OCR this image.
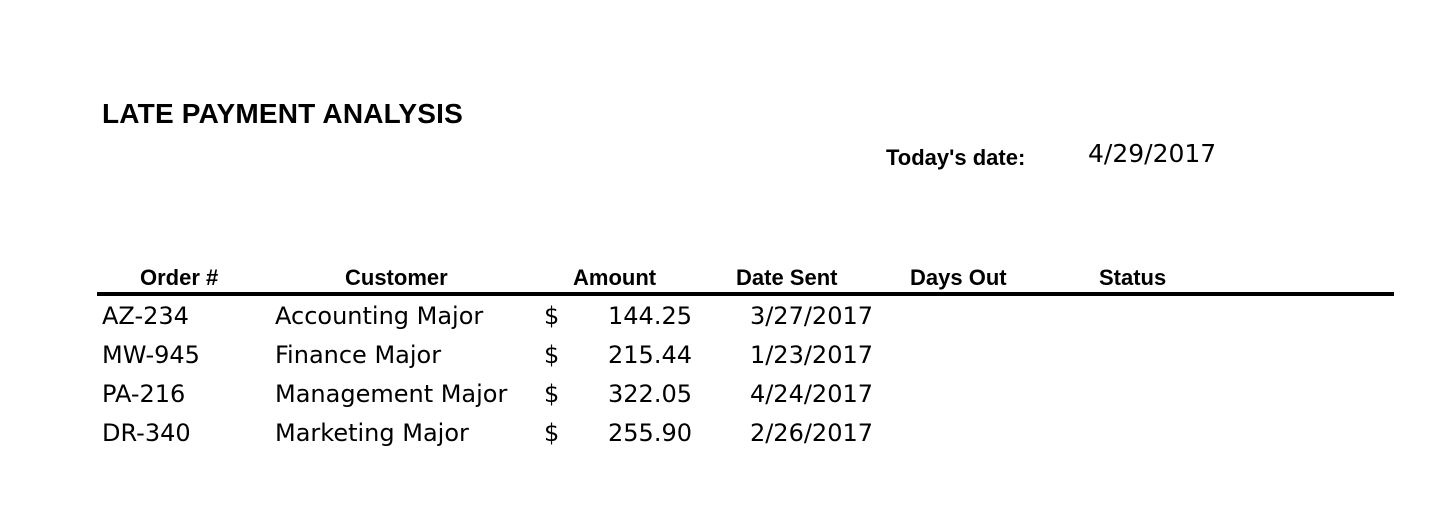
LATE PAYMENT ANALYSIS
Today's date:	4/29/2017
Order #	Customer	Amount	Date Sent	Days Out	Status
AZ-234	Accounting Major	$	144.25	3/27/2017
MW-945	Finance Major	$	215.44	1/23/2017
PA-216	Management Major $	322.05	4/24/2017
DR-340	Marketing Major	$	255.90	2/26/2017
